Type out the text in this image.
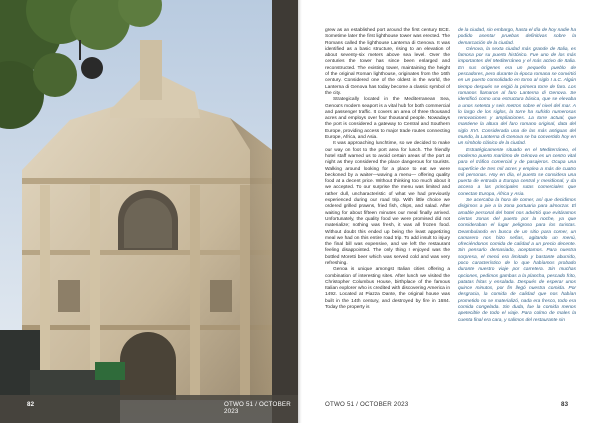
82	OTWO 51 / OCTOBER 2023

grew as an established port around the first century BCE. Sometime later the first lighthouse tower was erected. The Romans called the lighthouse Lanterna di Genova. It was identified as a basic structure, rising to an elevation of about seventy-six meters above sea level. Over the centuries the tower has since been enlarged and reconstructed. The existing tower, maintaining the height of the original Roman lighthouse, originates from the 16th century. Considered one of the oldest in the world, the Lanterna di Genova has today become a classic symbol of the city.

Strategically located in the Mediterranean Sea, Genoa's modern seaport is a vital hub for both commercial and passenger traffic. It covers an area of three thousand acres and employs over four thousand people. Nowadays the port is considered a gateway to Central and Southern Europe, providing access to major trade routes connecting Europe, Africa, and Asia.

It was approaching lunchtime, so we decided to make our way on foot to the port area for lunch. The friendly hotel staff warned us to avoid certain areas of the port at night as they considered the place dangerous for tourists. Walking around looking for a place to eat we were beckoned by a waiter—waving a menu— offering quality food at a decent price. Without thinking too much about it we accepted. To our surprise the menu was limited and rather dull, uncharacteristic of what we had previously experienced during our road trip. With little choice we ordered grilled prawns, fried fish, chips, and salad. After waiting for about fifteen minutes our meal finally arrived. Unfortunately, the quality food we were promised did not materialize; nothing was fresh, it was all frozen food. Without doubt this ended up being the least appetizing meal we had on this entire road trip. To add insult to injury the final bill was expensive, and we left the restaurant feeling disappointed. The only thing I enjoyed was the bottled Moretti beer which was served cold and was very refreshing.

Genoa is unique amongst Italian cities offering a combination of interesting sites. After lunch we visited the Christopher Columbus House, birthplace of the famous Italian explorer who is credited with discovering America in 1492. Located at Piazza Dante, the original house was built in the 14th century, and destroyed by fire in 1684. Today the property is

de la ciudad, sin embargo, hasta el día de hoy nadie ha podido asentar pruebas definitivas sobre la demarcación de la ciudad.

Génova, la sexta ciudad más grande de Italia, es famosa por su puerto histórico. Fue uno de los más importantes del Mediterráneo y el más activo de Italia. En sus orígenes era un pequeño pueblo de pescadores, pero durante la época romana se convirtió en un puerto consolidado en torno al siglo I a.C. Algún tiempo después se erigió la primera torre de faro. Los romanos llamaron al faro Lanterna di Genova. Se identificó como una estructura básica, que se elevaba a unos setenta y seis metros sobre el nivel del mar. A lo largo de los siglos, la torre ha sufrido numerosas renovaciones y ampliaciones. La torre actual, que mantiene la altura del faro romano original, data del siglo XVI. Considerada una de las más antiguas del mundo, la Lanterna di Genova se ha convertido hoy en un símbolo clásico de la ciudad.

Estratégicamente situado en el Mediterráneo, el moderno puerto marítimo de Génova es un centro vital para el tráfico comercial y de pasajeros. Ocupa una superficie de tres mil acres y emplea a más de cuatro mil personas. Hoy en día, el puerto se considera una puerta de entrada a Europa central y meridional, y da acceso a las principales rutas comerciales que conectan Europa, África y Asia.

Se acercaba la hora de comer, así que decidimos dirigirnos a pie a la zona portuaria para almorzar. El amable personal del hotel nos advirtió que evitáramos ciertas zonas del puerto por la noche, ya que consideraban el lugar peligroso para los turistas. Deambulando en busca de un sitio para comer, un camarero nos hizo señas, agitando un menú, ofreciéndonos comida de calidad a un precio decente. Sin pensarlo demasiado, aceptamos. Para nuestra sorpresa, el menú era limitado y bastante aburrido, poco característico de lo que habíamos probado durante nuestro viaje por carretera. Sin muchas opciones, pedimos gambas a la plancha, pescado frito, patatas fritas y ensalada. Después de esperar unos quince minutos, por fin llegó nuestra comida. Por desgracia, la comida de calidad que nos habían prometido no se materializó, nada era fresco, todo era comida congelada. Sin duda, fue la comida menos apetecible de todo el viaje. Para colmo de males la cuenta final era cara, y salimos del restaurante sin

OTWO 51 / OCTOBER 2023	83
